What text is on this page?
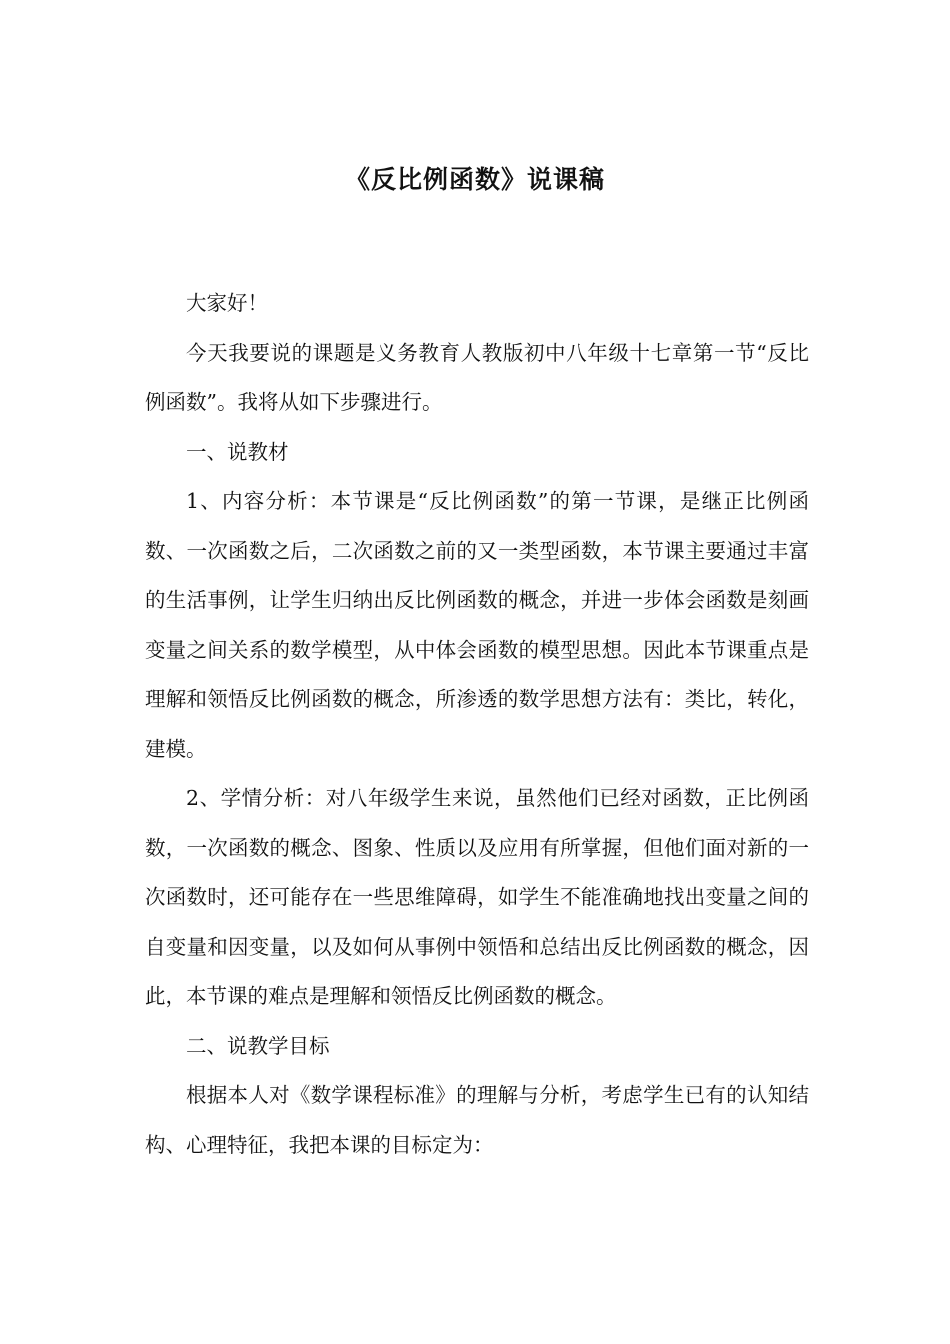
《反比例函数》说课稿

大家好！

今天我要说的课题是义务教育人教版初中八年级十七章第一节“反比例函数”。我将从如下步骤进行。

一、说教材

1、内容分析：本节课是“反比例函数”的第一节课，是继正比例函数、一次函数之后，二次函数之前的又一类型函数，本节课主要通过丰富的生活事例，让学生归纳出反比例函数的概念，并进一步体会函数是刻画变量之间关系的数学模型，从中体会函数的模型思想。因此本节课重点是理解和领悟反比例函数的概念，所渗透的数学思想方法有：类比，转化，建模。

2、学情分析：对八年级学生来说，虽然他们已经对函数，正比例函数，一次函数的概念、图象、性质以及应用有所掌握，但他们面对新的一次函数时，还可能存在一些思维障碍，如学生不能准确地找出变量之间的自变量和因变量，以及如何从事例中领悟和总结出反比例函数的概念，因此，本节课的难点是理解和领悟反比例函数的概念。

二、说教学目标

根据本人对《数学课程标准》的理解与分析，考虑学生已有的认知结构、心理特征，我把本课的目标定为：
